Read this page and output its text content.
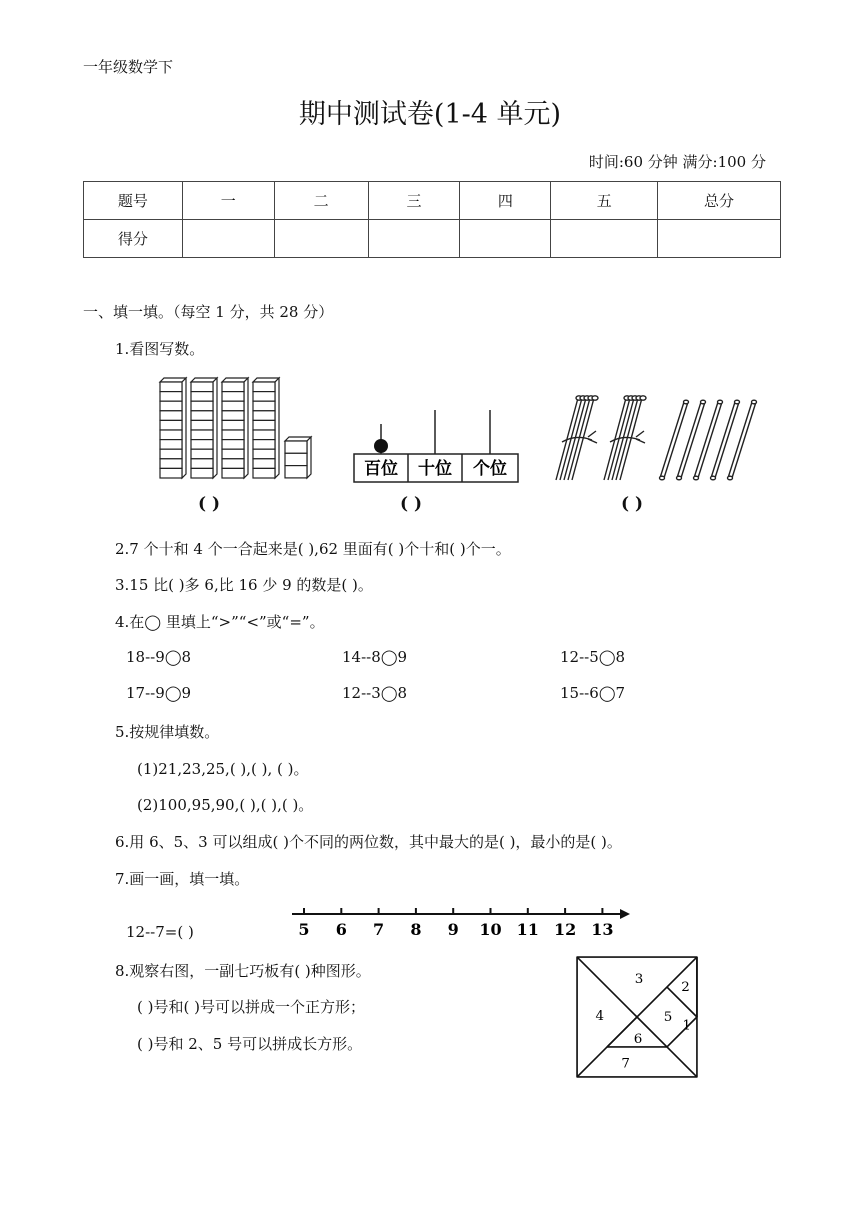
一年级数学下
期中测试卷(1-4 单元)
时间:60 分钟 满分:100 分
题号	一	二	三	四	五	总分
得分						
一、填一填。（每空 1 分，共 28 分）
1.看图写数。
百位 十位 个位
( )	( )	( )
2.7 个十和 4 个一合起来是( ),62 里面有( )个十和( )个一。
3.15 比( )多 6,比 16 少 9 的数是( )。
4.在◯ 里填上“>”“<”或“=”。
18--9◯8	14--8◯9	12--5◯8
17--9◯9	12--3◯8	15--6◯7
5.按规律填数。
(1)21,23,25,( ),( ), ( )。
(2)100,95,90,( ),( ),( )。
6.用 6、5、3 可以组成( )个不同的两位数，其中最大的是( )，最小的是( )。
7.画一画，填一填。
12--7=( )	5 6 7 8 9 10 11 12 13
8.观察右图，一副七巧板有( )种图形。
( )号和( )号可以拼成一个正方形；
( )号和 2、5 号可以拼成长方形。
1
2
3
4	5
6
7
